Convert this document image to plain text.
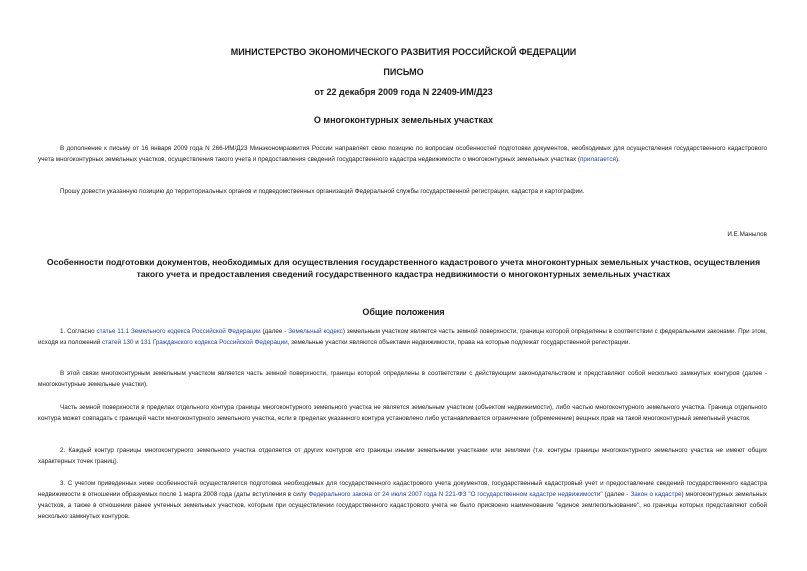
МИНИСТЕРСТВО ЭКОНОМИЧЕСКОГО РАЗВИТИЯ РОССИЙСКОЙ ФЕДЕРАЦИИ
ПИСЬМО
от 22 декабря 2009 года N 22409-ИМ/Д23
О многоконтурных земельных участках
В дополнение к письму от 16 января 2009 года N 266-ИМ/Д23 Минэкономразвития России направляет свою позицию по вопросам особенностей подготовки документов, необходимых для осуществления государственного кадастрового учета многоконтурных земельных участков, осуществления такого учета и предоставления сведений государственного кадастра недвижимости о многоконтурных земельных участках (прилагается).
Прошу довести указанную позицию до территориальных органов и подведомственных организаций Федеральной службы государственной регистрации, кадастра и картографии.
И.Е.Манылов
Особенности подготовки документов, необходимых для осуществления государственного кадастрового учета многоконтурных земельных участков, осуществления такого учета и предоставления сведений государственного кадастра недвижимости о многоконтурных земельных участках
Общие положения
1. Согласно статье 11.1 Земельного кодекса Российской Федерации (далее - Земельный кодекс) земельным участком является часть земной поверхности, границы которой определены в соответствии с федеральными законами. При этом, исходя из положений статей 130 и 131 Гражданского кодекса Российской Федерации, земельные участки являются объектами недвижимости, права на которые подлежат государственной регистрации.
В этой связи многоконтурным земельным участком является часть земной поверхности, границы которой определены в соответствии с действующим законодательством и представляют собой несколько замкнутых контуров (далее - многоконтурные земельные участки).
Часть земной поверхности в пределах отдельного контура границы многоконтурного земельного участка не является земельным участком (объектом недвижимости), либо частью многоконтурного земельного участка. Граница отдельного контура может совпадать с границей части многоконтурного земельного участка, если в пределах указанного контура установлено либо устанавливается ограничение (обременение) вещных прав на такой многоконтурный земельный участок.
2. Каждый контур границы многоконтурного земельного участка отделяется от других контуров его границы иными земельными участками или землями (т.е. контуры границы многоконтурного земельного участка не имеют общих характерных точек границ).
3. С учетом приведенных ниже особенностей осуществляется подготовка необходимых для государственного кадастрового учета документов, государственный кадастровый учет и предоставление сведений государственного кадастра недвижимости в отношении образуемых после 1 марта 2008 года (даты вступления в силу Федерального закона от 24 июля 2007 года N 221-ФЗ "О государственном кадастре недвижимости" (далее - Закон о кадастре) многоконтурных земельных участков, а также в отношении ранее учтенных земельных участков, которым при осуществлении государственного кадастрового учета не было присвоено наименование "единое землепользование", но границы которых представляют собой несколько замкнутых контуров.
